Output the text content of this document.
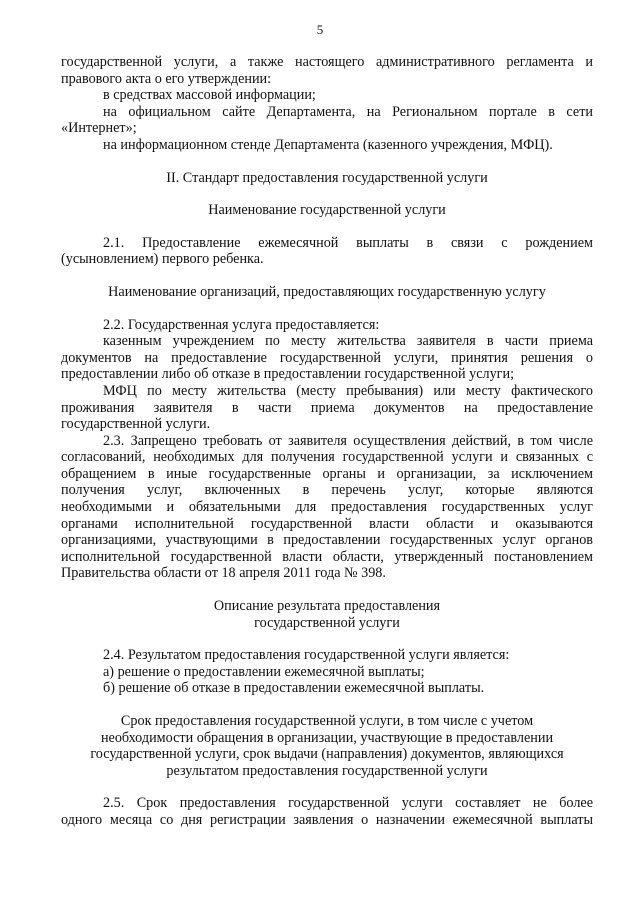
5

государственной услуги, а также настоящего административного регламента и

правового акта о его утверждении:

в средствах массовой информации;

на официальном сайте Департамента, на Региональном портале в сети

«Интернет»;

на информационном стенде Департамента (казенного учреждения, МФЦ).

II. Стандарт предоставления государственной услуги

Наименование государственной услуги

2.1. Предоставление ежемесячной выплаты в связи с рождением

(усыновлением) первого ребенка.

Наименование организаций, предоставляющих государственную услугу

2.2. Государственная услуга предоставляется:

казенным учреждением по месту жительства заявителя в части приема

документов на предоставление государственной услуги, принятия решения о

предоставлении либо об отказе в предоставлении государственной услуги;

МФЦ по месту жительства (месту пребывания) или месту фактического

проживания заявителя в части приема документов на предоставление

государственной услуги.

2.3. Запрещено требовать от заявителя осуществления действий, в том числе

согласований, необходимых для получения государственной услуги и связанных с

обращением в иные государственные органы и организации, за исключением

получения услуг, включенных в перечень услуг, которые являются

необходимыми и обязательными для предоставления государственных услуг

органами исполнительной государственной власти области и оказываются

организациями, участвующими в предоставлении государственных услуг органов

исполнительной государственной власти области, утвержденный постановлением

Правительства области от 18 апреля 2011 года № 398.

Описание результата предоставления

государственной услуги

2.4. Результатом предоставления государственной услуги является:

а) решение о предоставлении ежемесячной выплаты;

б) решение об отказе в предоставлении ежемесячной выплаты.

Срок предоставления государственной услуги, в том числе с учетом

необходимости обращения в организации, участвующие в предоставлении

государственной услуги, срок выдачи (направления) документов, являющихся

результатом предоставления государственной услуги

2.5. Срок предоставления государственной услуги составляет не более

одного месяца со дня регистрации заявления о назначении ежемесячной выплаты
